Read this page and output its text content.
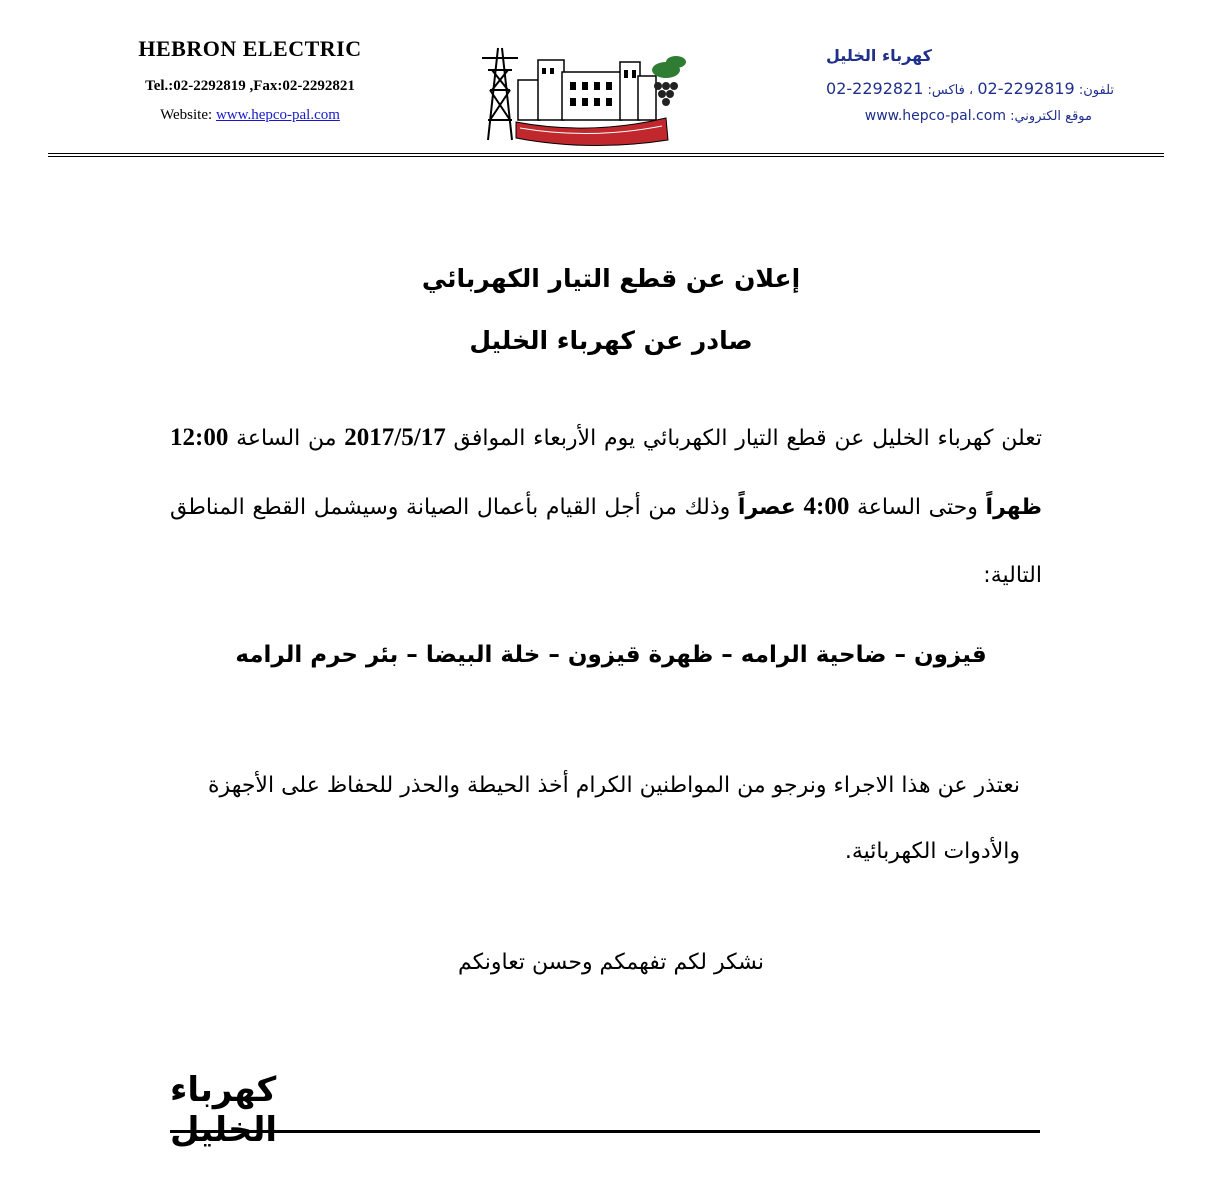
HEBRON ELECTRIC
Tel.:02-2292819 ,Fax:02-2292821
Website: www.hepco-pal.com
كهرباء الخليل
تلفون: 02-2292819 ، فاكس: 02-2292821
موقع الكتروني: www.hepco-pal.com
إعلان عن قطع التيار الكهربائي
صادر عن كهرباء الخليل
تعلن كهرباء الخليل عن قطع التيار الكهربائي يوم الأربعاء الموافق 2017/5/17 من الساعة 12:00 ظهراً وحتى الساعة 4:00 عصراً وذلك من أجل القيام بأعمال الصيانة وسيشمل القطع المناطق التالية:
قيزون – ضاحية الرامه – ظهرة قيزون – خلة البيضا – بئر حرم الرامه
نعتذر عن هذا الاجراء ونرجو من المواطنين الكرام أخذ الحيطة والحذر للحفاظ على الأجهزة والأدوات الكهربائية.
نشكر لكم تفهمكم وحسن تعاونكم
كهرباء الخليل
